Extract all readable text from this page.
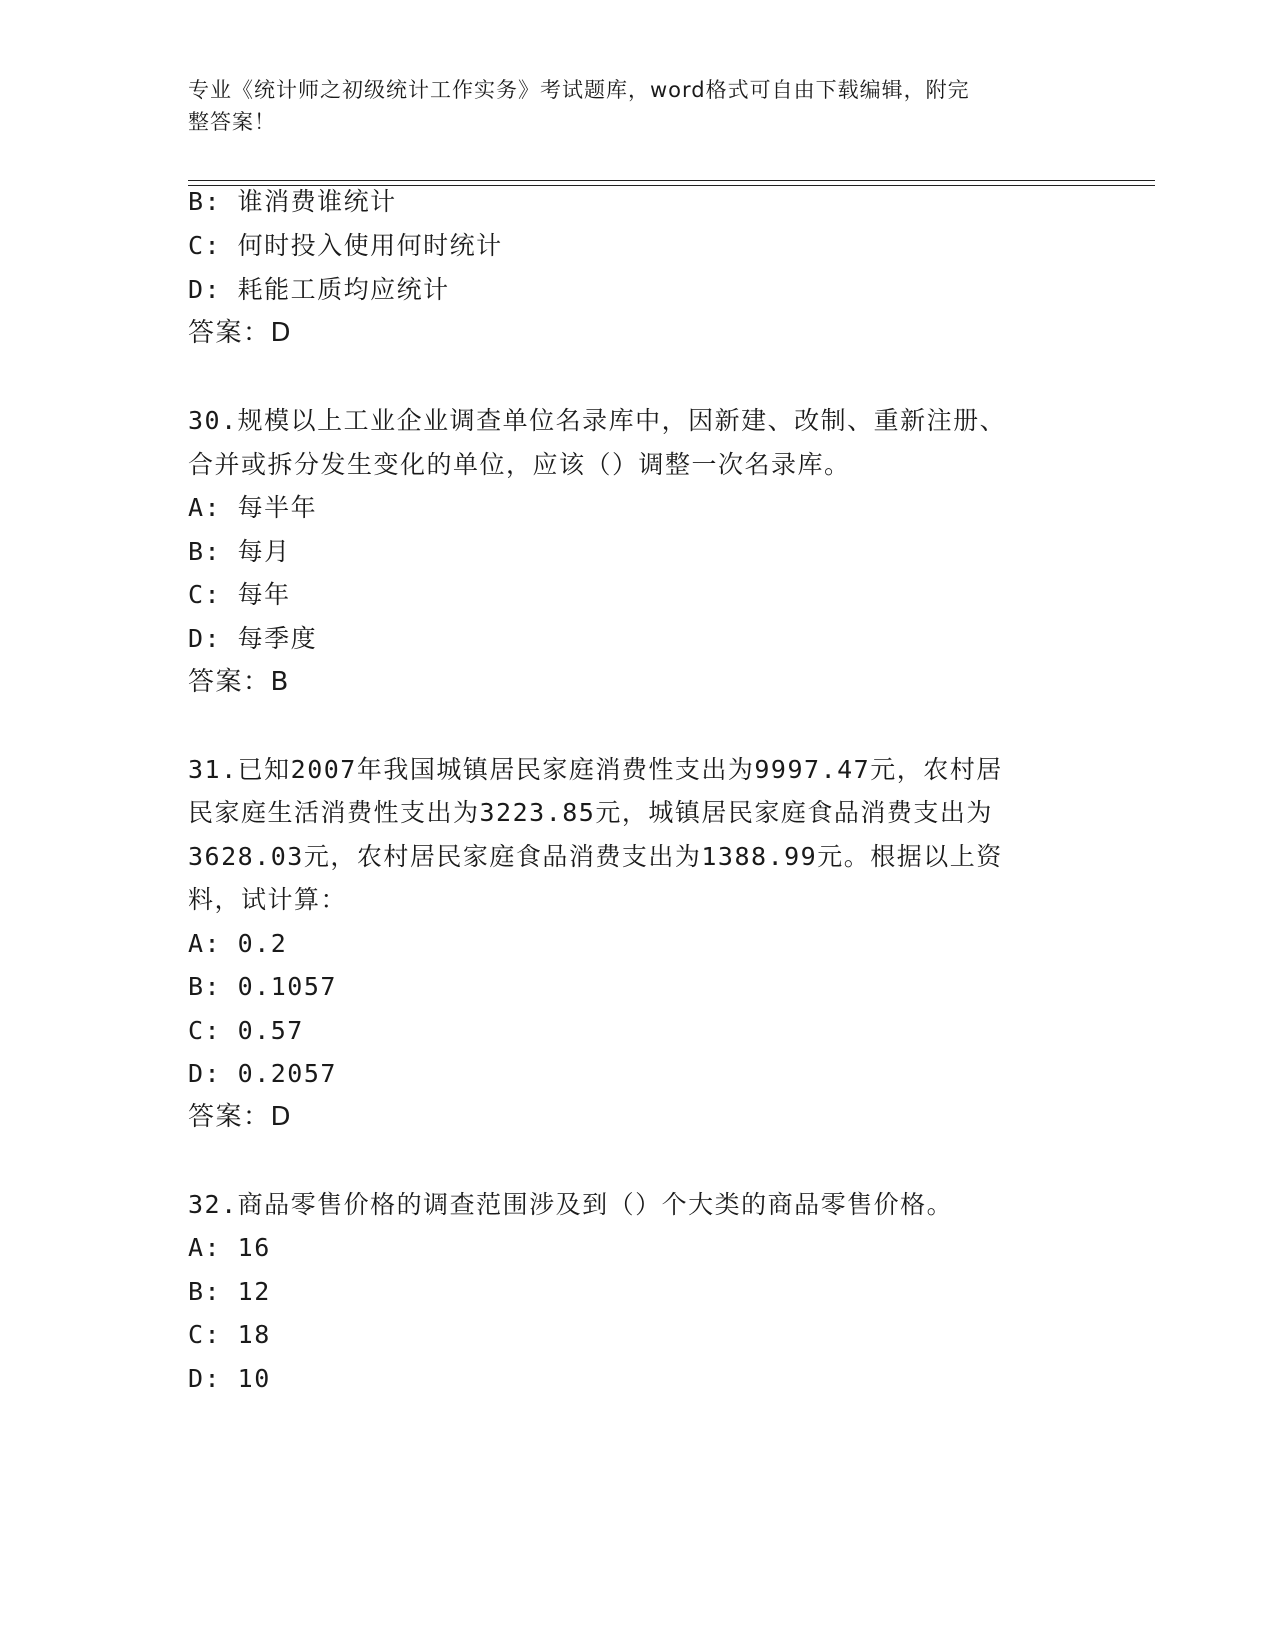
专业《统计师之初级统计工作实务》考试题库，word格式可自由下载编辑，附完
整答案！
B: 谁消费谁统计
C: 何时投入使用何时统计
D: 耗能工质均应统计
答案：D
30.规模以上工业企业调查单位名录库中，因新建、改制、重新注册、
合并或拆分发生变化的单位，应该（）调整一次名录库。
A: 每半年
B: 每月
C: 每年
D: 每季度
答案：B
31.已知2007年我国城镇居民家庭消费性支出为9997.47元，农村居
民家庭生活消费性支出为3223.85元，城镇居民家庭食品消费支出为
3628.03元，农村居民家庭食品消费支出为1388.99元。根据以上资
料，试计算：
A: 0.2
B: 0.1057
C: 0.57
D: 0.2057
答案：D
32.商品零售价格的调查范围涉及到（）个大类的商品零售价格。
A: 16
B: 12
C: 18
D: 10
